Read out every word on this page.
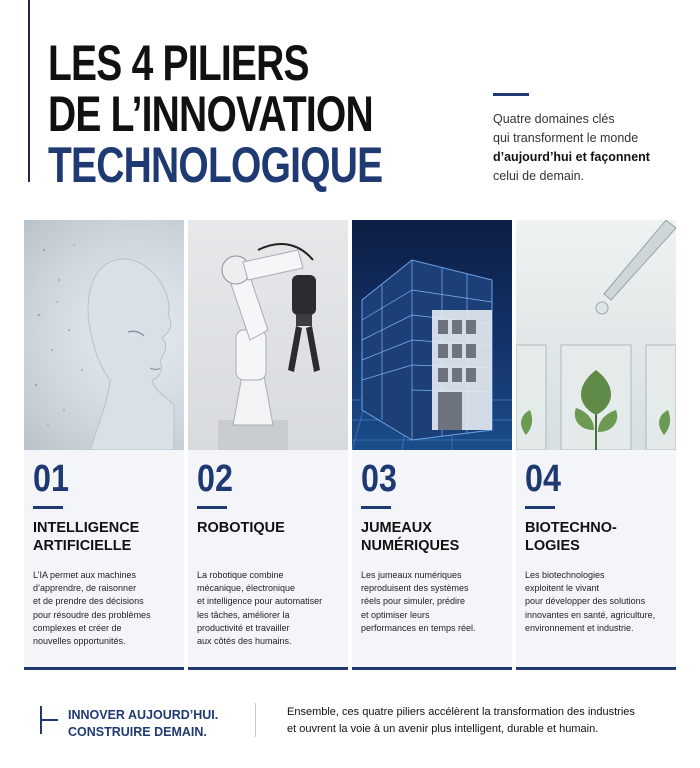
LES 4 PILIERS
DE L’INNOVATION
TECHNOLOGIQUE
Quatre domaines clés
qui transforment le monde
d’aujourd’hui et façonnent
celui de demain.
01
INTELLIGENCE
ARTIFICIELLE
L’IA permet aux machines
d’apprendre, de raisonner
et de prendre des décisions
pour résoudre des problèmes
complexes et créer de
nouvelles opportunités.
02
ROBOTIQUE

La robotique combine
mécanique, électronique
et intelligence pour automatiser
les tâches, améliorer la
productivité et travailler
aux côtés des humains.
03
JUMEAUX
NUMÉRIQUES
Les jumeaux numériques
reproduisent des systèmes
réels pour simuler, prédire
et optimiser leurs
performances en temps réel.
04
BIOTECHNO-
LOGIES
Les biotechnologies
exploitent le vivant
pour développer des solutions
innovantes en santé, agriculture,
environnement et industrie.
INNOVER AUJOURD’HUI.
CONSTRUIRE DEMAIN.
Ensemble, ces quatre piliers accélèrent la transformation des industries
et ouvrent la voie à un avenir plus intelligent, durable et humain.
